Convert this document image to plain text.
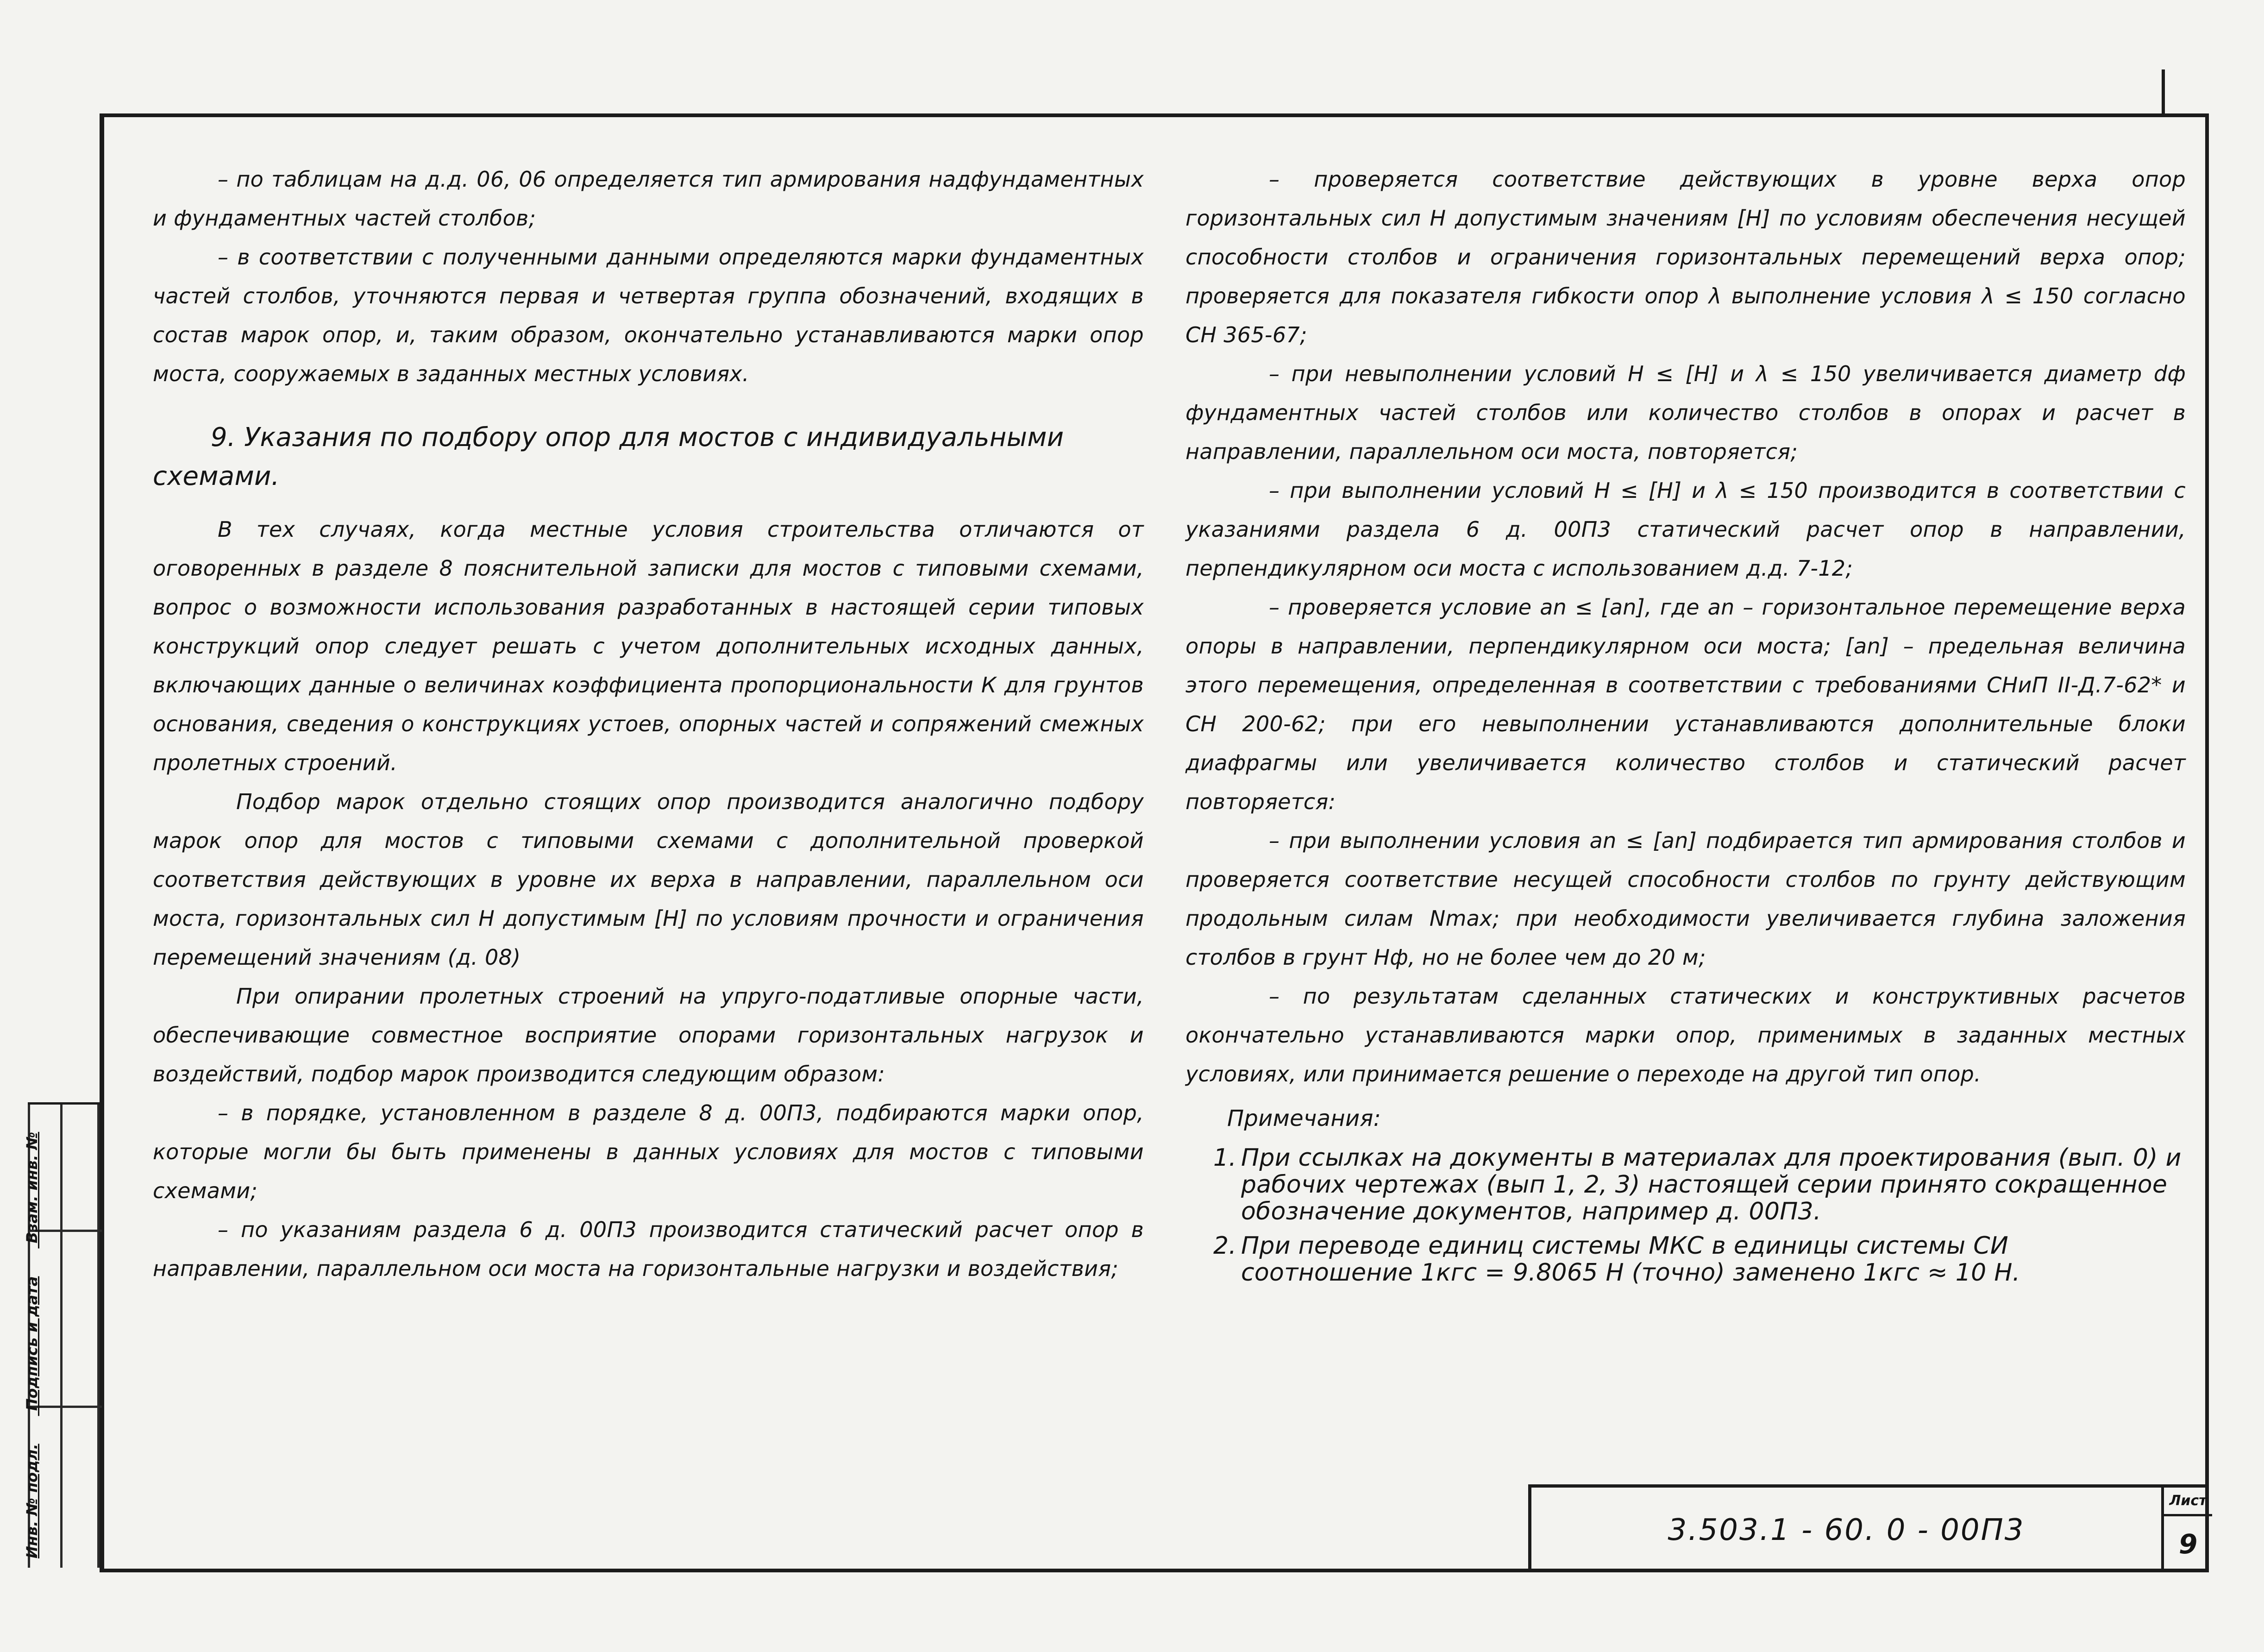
– по таблицам на д.д. 06, 06 определяется тип армирования надфундаментных и фундаментных частей столбов;

– в соответствии с полученными данными определяются марки фундаментных частей столбов, уточняются первая и четвертая группа обозначений, входящих в состав марок опор, и, таким образом, окончательно устанавливаются марки опор моста, сооружаемых в заданных местных условиях.

9. Указания по подбору опор для мостов с индивидуальными схемами.

В тех случаях, когда местные условия строительства отличаются от оговоренных в разделе 8 пояснительной записки для мостов с типовыми схемами, вопрос о возможности использования разработанных в настоящей серии типовых конструкций опор следует решать с учетом дополнительных исходных данных, включающих данные о величинах коэффициента пропорциональности К для грунтов основания, сведения о конструкциях устоев, опорных частей и сопряжений смежных пролетных строений.

Подбор марок отдельно стоящих опор производится аналогично подбору марок опор для мостов с типовыми схемами с дополнительной проверкой соответствия действующих в уровне их верха в направлении, параллельном оси моста, горизонтальных сил Н допустимым [Н] по условиям прочности и ограничения перемещений значениям (д. 08)

При опирании пролетных строений на упруго-податливые опорные части, обеспечивающие совместное восприятие опорами горизонтальных нагрузок и воздействий, подбор марок производится следующим образом:

– в порядке, установленном в разделе 8 д. 00П3, подбираются марки опор, которые могли бы быть применены в данных условиях для мостов с типовыми схемами;

– по указаниям раздела 6 д. 00П3 производится статический расчет опор в направлении, параллельном оси моста на горизонтальные нагрузки и воздействия;

– проверяется соответствие действующих в уровне верха опор горизонтальных сил Н допустимым значениям [Н] по условиям обеспечения несущей способности столбов и ограничения горизонтальных перемещений верха опор; проверяется для показателя гибкости опор λ выполнение условия λ ≤ 150 согласно СН 365-67;

– при невыполнении условий Н ≤ [Н] и λ ≤ 150 увеличивается диаметр dф фундаментных частей столбов или количество столбов в опорах и расчет в направлении, параллельном оси моста, повторяется;

– при выполнении условий Н ≤ [Н] и λ ≤ 150 производится в соответствии с указаниями раздела 6 д. 00П3 статический расчет опор в направлении, перпендикулярном оси моста с использованием д.д. 7-12;

– проверяется условие an ≤ [an], где an – горизонтальное перемещение верха опоры в направлении, перпендикулярном оси моста; [an] – предельная величина этого перемещения, определенная в соответствии с требованиями СНиП II-Д.7-62* и СН 200-62; при его невыполнении устанавливаются дополнительные блоки диафрагмы или увеличивается количество столбов и статический расчет повторяется:

– при выполнении условия an ≤ [an] подбирается тип армирования столбов и проверяется соответствие несущей способности столбов по грунту действующим продольным силам Nmax; при необходимости увеличивается глубина заложения столбов в грунт Нф, но не более чем до 20 м;

– по результатам сделанных статических и конструктивных расчетов окончательно устанавливаются марки опор, применимых в заданных местных условиях, или принимается решение о переходе на другой тип опор.

Примечания:
1. При ссылках на документы в материалах для проектирования (вып. 0) и рабочих чертежах (вып 1, 2, 3) настоящей серии принято сокращенное обозначение документов, например д. 00П3.
2. При переводе единиц системы МКС в единицы системы СИ соотношение 1кгс = 9.8065 Н (точно) заменено 1кгс ≈ 10 Н.
3.503.1 - 60. 0 - 00П3
Лист
9
Инв. № подл. Подпись и дата Взам. инв. №
